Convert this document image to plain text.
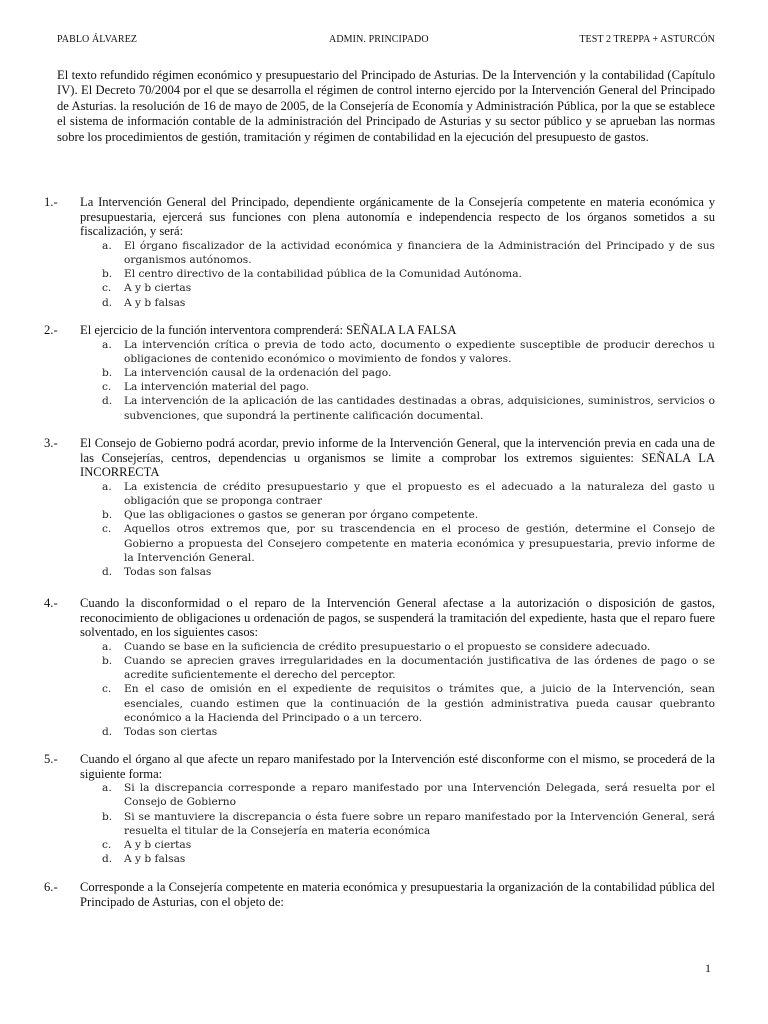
PABLO ÁLVAREZ	ADMIN. PRINCIPADO	TEST 2 TREPPA + ASTURCÓN
El texto refundido régimen económico y presupuestario del Principado de Asturias. De la Intervención y la contabilidad (Capítulo IV). El Decreto 70/2004 por el que se desarrolla el régimen de control interno ejercido por la Intervención General del Principado de Asturias. la resolución de 16 de mayo de 2005, de la Consejería de Economía y Administración Pública, por la que se establece el sistema de información contable de la administración del Principado de Asturias y su sector público y se aprueban las normas sobre los procedimientos de gestión, tramitación y régimen de contabilidad en la ejecución del presupuesto de gastos.
1.-	La Intervención General del Principado, dependiente orgánicamente de la Consejería competente en materia económica y presupuestaria, ejercerá sus funciones con plena autonomía e independencia respecto de los órganos sometidos a su fiscalización, y será:
a.	El órgano fiscalizador de la actividad económica y financiera de la Administración del Principado y de sus organismos autónomos.
b.	El centro directivo de la contabilidad pública de la Comunidad Autónoma.
c.	A y b ciertas
d.	A y b falsas
2.-	El ejercicio de la función interventora comprenderá: SEÑALA LA FALSA
a.	La intervención crítica o previa de todo acto, documento o expediente susceptible de producir derechos u obligaciones de contenido económico o movimiento de fondos y valores.
b.	La intervención causal de la ordenación del pago.
c.	La intervención material del pago.
d.	La intervención de la aplicación de las cantidades destinadas a obras, adquisiciones, suministros, servicios o subvenciones, que supondrá la pertinente calificación documental.
3.-	El Consejo de Gobierno podrá acordar, previo informe de la Intervención General, que la intervención previa en cada una de las Consejerías, centros, dependencias u organismos se limite a comprobar los extremos siguientes: SEÑALA LA INCORRECTA
a.	La existencia de crédito presupuestario y que el propuesto es el adecuado a la naturaleza del gasto u obligación que se proponga contraer
b.	Que las obligaciones o gastos se generan por órgano competente.
c.	Aquellos otros extremos que, por su trascendencia en el proceso de gestión, determine el Consejo de Gobierno a propuesta del Consejero competente en materia económica y presupuestaria, previo informe de la Intervención General.
d.	Todas son falsas
4.-	Cuando la disconformidad o el reparo de la Intervención General afectase a la autorización o disposición de gastos, reconocimiento de obligaciones u ordenación de pagos, se suspenderá la tramitación del expediente, hasta que el reparo fuere solventado, en los siguientes casos:
a.	Cuando se base en la suficiencia de crédito presupuestario o el propuesto se considere adecuado.
b.	Cuando se aprecien graves irregularidades en la documentación justificativa de las órdenes de pago o se acredite suficientemente el derecho del perceptor.
c.	En el caso de omisión en el expediente de requisitos o trámites que, a juicio de la Intervención, sean esenciales, cuando estimen que la continuación de la gestión administrativa pueda causar quebranto económico a la Hacienda del Principado o a un tercero.
d.	Todas son ciertas
5.-	Cuando el órgano al que afecte un reparo manifestado por la Intervención esté disconforme con el mismo, se procederá de la siguiente forma:
a.	Si la discrepancia corresponde a reparo manifestado por una Intervención Delegada, será resuelta por el Consejo de Gobierno
b.	Si se mantuviere la discrepancia o ésta fuere sobre un reparo manifestado por la Intervención General, será resuelta el titular de la Consejería en materia económica
c.	A y b ciertas
d.	A y b falsas
6.-	Corresponde a la Consejería competente en materia económica y presupuestaria la organización de la contabilidad pública del Principado de Asturias, con el objeto de:
1
